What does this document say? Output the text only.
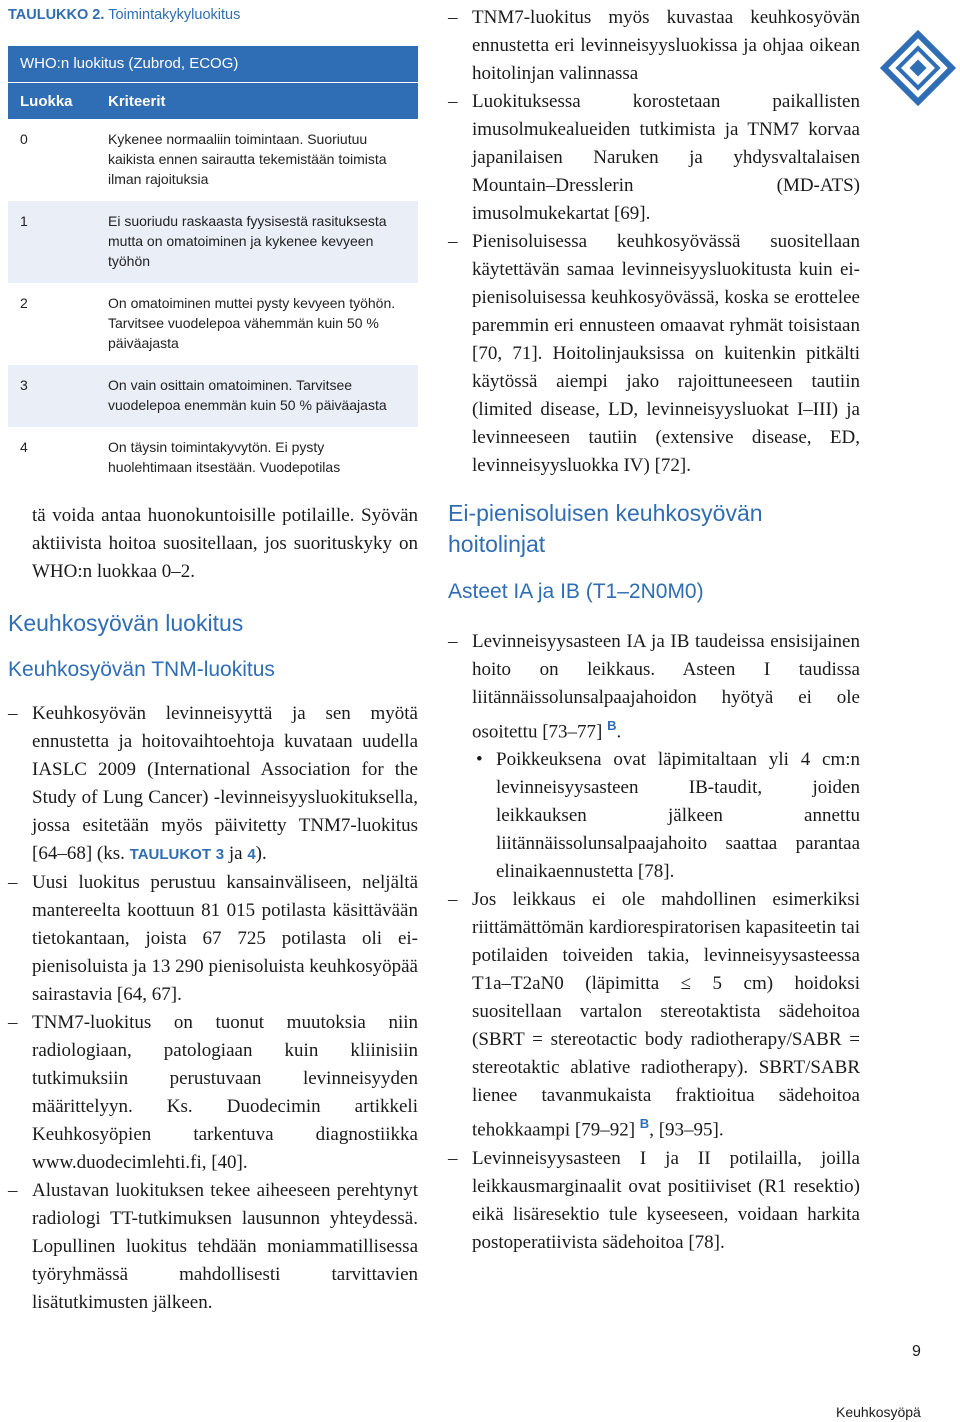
TAULUKKO 2. Toimintakykyluokitus
WHO:n luokitus (Zubrod, ECOG)
Luokka	Kriteerit
0	Kykenee normaaliin toimintaan. Suoriutuu kaikista ennen sairautta tekemistään toimista ilman rajoituksia
1	Ei suoriudu raskaasta fyysisestä rasituksesta mutta on omatoiminen ja kykenee kevyeen työhön
2	On omatoiminen muttei pysty kevyeen työhön. Tarvitsee vuodelepoa vähemmän kuin 50 % päiväajasta
3	On vain osittain omatoiminen. Tarvitsee vuodelepoa enemmän kuin 50 % päiväajasta
4	On täysin toimintakyvytön. Ei pysty huolehtimaan itsestään. Vuodepotilas

tä voida antaa huonokuntoisille potilaille. Syövän aktiivista hoitoa suositellaan, jos suorituskyky on WHO:n luokkaa 0–2.

Keuhkosyövän luokitus
Keuhkosyövän TNM-luokitus
– Keuhkosyövän levinneisyyttä ja sen myötä ennustetta ja hoitovaihtoehtoja kuvataan uudella IASLC 2009 (International Association for the Study of Lung Cancer) -levinneisyysluokituksella, jossa esitetään myös päivitetty TNM7-luokitus [64–68] (ks. TAULUKOT 3 ja 4).
– Uusi luokitus perustuu kansainväliseen, neljältä mantereelta koottuun 81 015 potilasta käsittävään tietokantaan, joista 67 725 potilasta oli ei-pienisoluista ja 13 290 pienisoluista keuhkosyöpää sairastavia [64, 67].
– TNM7-luokitus on tuonut muutoksia niin radiologiaan, patologiaan kuin kliinisiin tutkimuksiin perustuvaan levinneisyyden määrittelyyn. Ks. Duodecimin artikkeli Keuhkosyöpien tarkentuva diagnostiikka www.duodecimlehti.fi, [40].
– Alustavan luokituksen tekee aiheeseen perehtynyt radiologi TT-tutkimuksen lausunnon yhteydessä. Lopullinen luokitus tehdään moniammatillisessa työryhmässä mahdollisesti tarvittavien lisätutkimusten jälkeen.
– TNM7-luokitus myös kuvastaa keuhkosyövän ennustetta eri levinneisyysluokissa ja ohjaa oikean hoitolinjan valinnassa
– Luokituksessa korostetaan paikallisten imusolmukealueiden tutkimista ja TNM7 korvaa japanilaisen Naruken ja yhdysvaltalaisen Mountain–Dresslerin (MD-ATS) imusolmukekartat [69].
– Pienisoluisessa keuhkosyövässä suositellaan käytettävän samaa levinneisyysluokitusta kuin ei-pienisoluisessa keuhkosyövässä, koska se erottelee paremmin eri ennusteen omaavat ryhmät toisistaan [70, 71]. Hoitolinjauksissa on kuitenkin pitkälti käytössä aiempi jako rajoittuneeseen tautiin (limited disease, LD, levinneisyysluokat I–III) ja levinneeseen tautiin (extensive disease, ED, levinneisyysluokka IV) [72].
Ei-pienisoluisen keuhkosyövän hoitolinjat
Asteet IA ja IB (T1–2N0M0)
– Levinneisyysasteen IA ja IB taudeissa ensisijainen hoito on leikkaus. Asteen I taudissa liitännäissolunsalpaajahoidon hyötyä ei ole osoitettu [73–77] $^B$.
• Poikkeuksena ovat läpimitaltaan yli 4 cm:n levinneisyysasteen IB-taudit, joiden leikkauksen jälkeen annettu liitännäissolunsalpaajahoito saattaa parantaa elinaikaennustetta [78].
– Jos leikkaus ei ole mahdollinen esimerkiksi riittämättömän kardiorespiratorisen kapasiteetin tai potilaiden toiveiden takia, levinneisyysasteessa T1a–T2aN0 (läpimitta ≤ 5 cm) hoidoksi suositellaan vartalon stereotaktista sädehoitoa (SBRT = stereotactic body radiotherapy/SABR = stereotaktic ablative radiotherapy). SBRT/SABR lienee tavanmukaista fraktioitua sädehoitoa tehokkaampi [79–92] $^B$, [93–95].
– Levinneisyysasteen I ja II potilailla, joilla leikkausmarginaalit ovat positiiviset (R1 resektio) eikä lisäresektio tule kyseeseen, voidaan harkita postoperatiivista sädehoitoa [78].
9
Keuhkosyöpä
